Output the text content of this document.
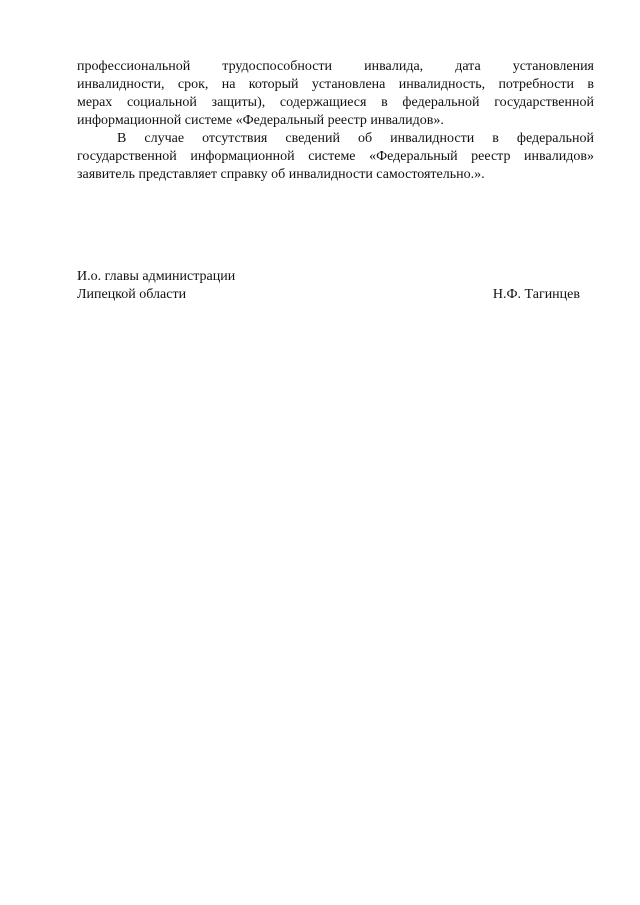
профессиональной трудоспособности инвалида, дата установления
инвалидности, срок, на который установлена инвалидность, потребности в
мерах социальной защиты), содержащиеся в федеральной государственной
информационной системе «Федеральный реестр инвалидов».

В случае отсутствия сведений об инвалидности в федеральной
государственной информационной системе «Федеральный реестр инвалидов»
заявитель представляет справку об инвалидности самостоятельно.».

И.о. главы администрации
Липецкой области	Н.Ф. Тагинцев
